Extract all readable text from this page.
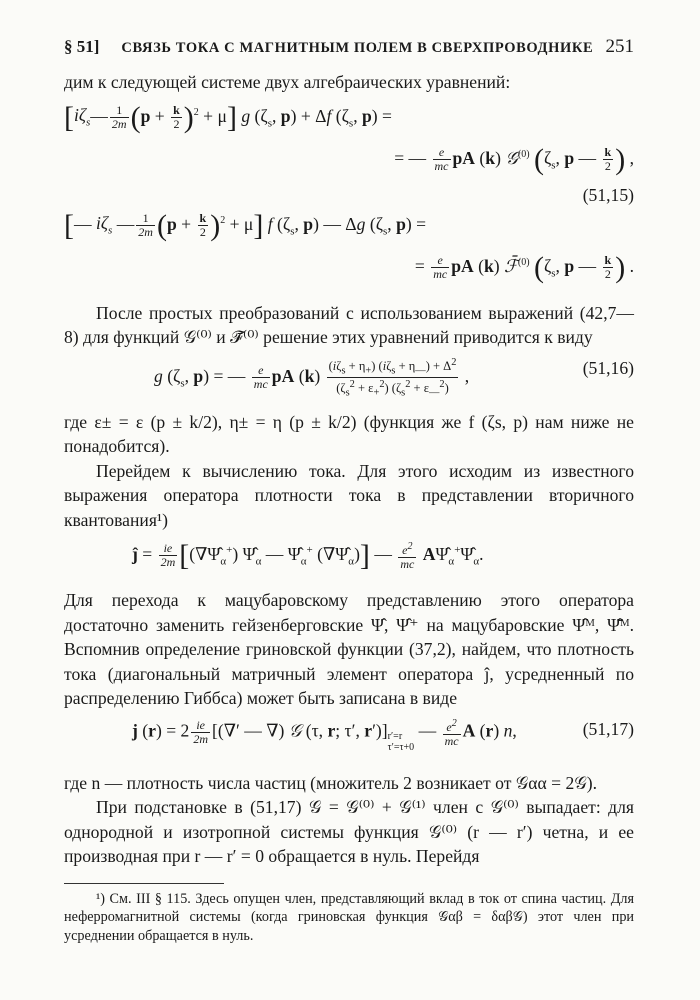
§ 51] СВЯЗЬ ТОКА С МАГНИТНЫМ ПОЛЕМ В СВЕРХПРОВОДНИКЕ 251
дим к следующей системе двух алгебраических уравнений:
$[i\zeta_s— \frac{1}{2m} (p + \frac{k}{2} )^2 + \mu]$ g ($\zeta_s$, p) + Δf ($\zeta_s$, p) =
= — $\frac{e}{mc}$ pA (k) 𝒢$^{(0)}$ ($\zeta_s$, p — $\frac{k}{2}$ ) ,
(51,15)
[— $i\zeta_s$ — $\frac{1}{2m} (p + \frac{k}{2} )^2 + \mu$] f ($\zeta_s$, p) — Δg ($\zeta_s$, p) =
= $\frac{e}{mc}$ pA (k) ℱ̄$^{(0)}$ ($\zeta_s$, p — $\frac{k}{2}$ ) .
После простых преобразований с использованием выражений (42,7—8) для функций 𝒢⁽⁰⁾ и ℱ̄⁽⁰⁾ решение этих уравнений приводится к виду
g ($\zeta_s$, p) = — $\frac{e}{mc}$ pA $(k) \frac{(i\zeta_s + \eta_+) (i\zeta_s + \eta_—) + \Delta^2}{(\zeta_s^2 + \varepsilon_+^2) (\zeta_s^2 + \varepsilon_—^2)}$ ,	(51,16)
где ε± = ε (p ± k/2), η± = η (p ± k/2) (функция же f (ζs, p) нам ниже не понадобится).
Перейдем к вычислению тока. Для этого исходим из известного выражения оператора плотности тока в представлении вторичного квантования¹)
ĵ = $\frac{ie}{2m}$ [$(\nabla\Psî_\alpha^+)$ $\Psî_\alpha$ — $\Psî_\alpha^+$ $(\nabla\Psî_\alpha)$] — $\frac{e^2}{mc}$ $A\Psî_\alpha^+\Psî_\alpha$.
Для перехода к мацубаровскому представлению этого оператора достаточно заменить гейзенберговские Ψ̂, Ψ̂⁺ на мацубаровские Ψ̂ᴹ, Ψ̄̂ᴹ. Вспомнив определение гриновской функции (37,2), найдем, что плотность тока (диагональный матричный элемент оператора ĵ, усредненный по распределению Гиббса) может быть записана в виде
j $(r) = 2 \frac{ie}{2m}$ [(∇′ — ∇) 𝒢 (τ, r; τ′, $r')]_{r'=r \tau'=\tau+0}$ — $\frac{e^2}{mc}$ A (r) n,	(51,17)
где n — плотность числа частиц (множитель 2 возникает от 𝒢αα = 2𝒢).
При подстановке в (51,17) 𝒢 = 𝒢⁽⁰⁾ + 𝒢⁽¹⁾ член с 𝒢⁽⁰⁾ выпадает: для однородной и изотропной системы функция 𝒢⁽⁰⁾ (r — r′) четна, и ее производная при r — r′ = 0 обращается в нуль. Перейдя
¹) См. III § 115. Здесь опущен член, представляющий вклад в ток от спина частиц. Для неферромагнитной системы (когда гриновская функция 𝒢αβ = δαβ𝒢) этот член при усреднении обращается в нуль.
